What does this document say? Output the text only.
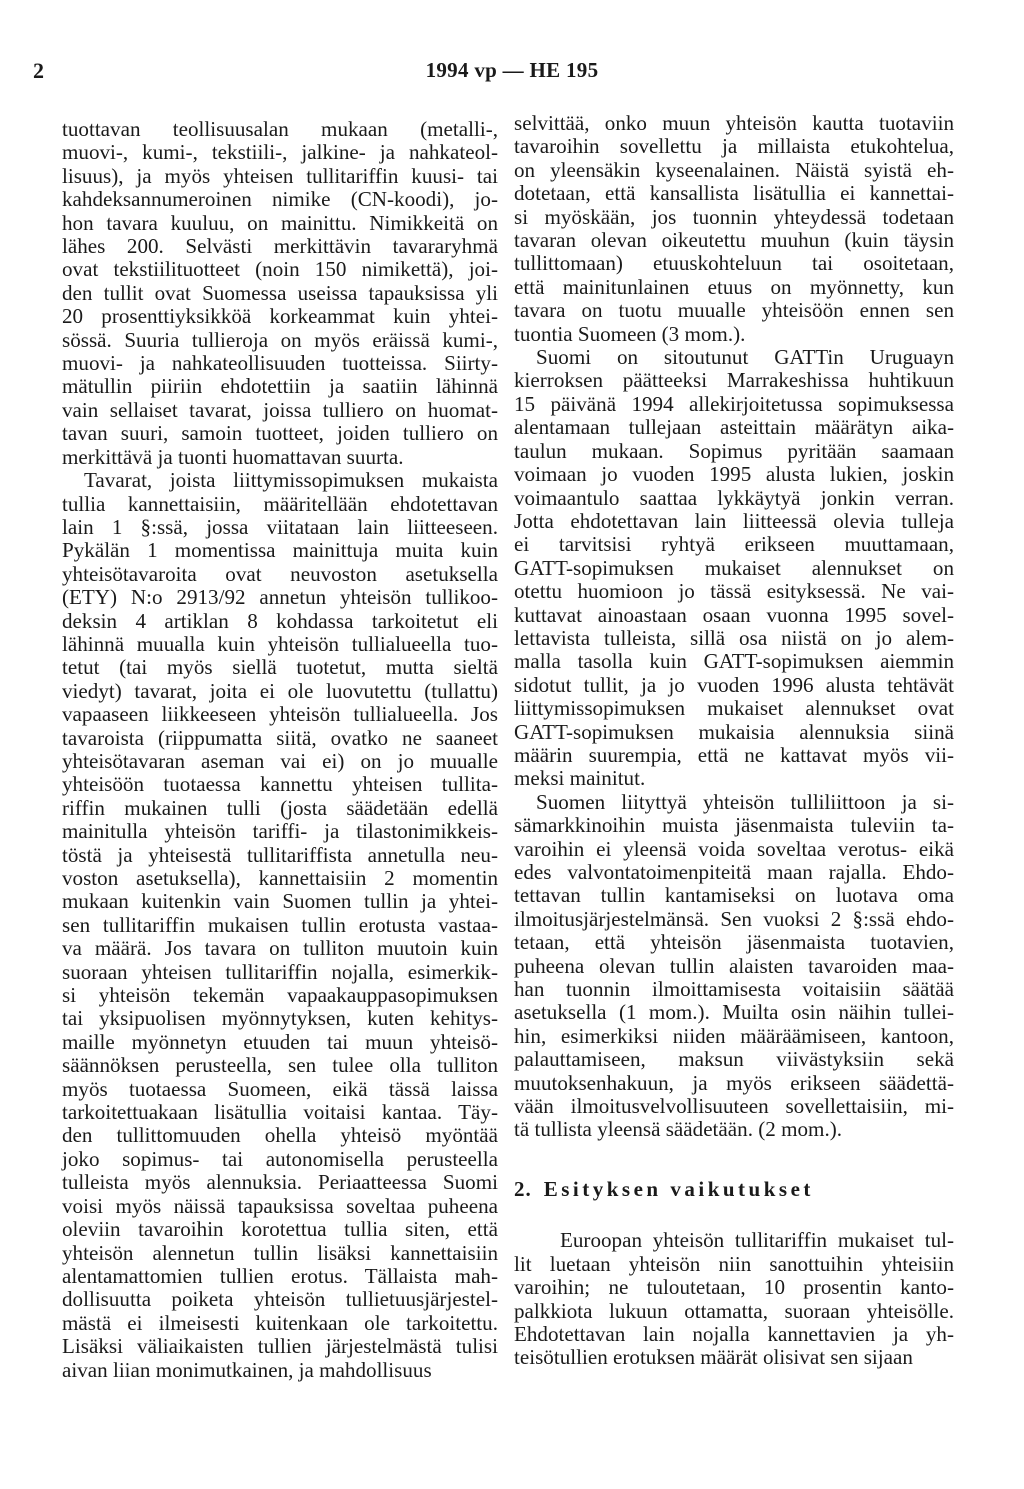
2	1994 vp — HE 195
tuottavan teollisuusalan mukaan (metalli-,
muovi-, kumi-, tekstiili-, jalkine- ja nahkateol-
lisuus), ja myös yhteisen tullitariffin kuusi- tai
kahdeksannumeroinen nimike (CN-koodi), jo-
hon tavara kuuluu, on mainittu. Nimikkeitä on
lähes 200. Selvästi merkittävin tavararyhmä
ovat tekstiilituotteet (noin 150 nimikettä), joi-
den tullit ovat Suomessa useissa tapauksissa yli
20 prosenttiyksikköä korkeammat kuin yhtei-
sössä. Suuria tullieroja on myös eräissä kumi-,
muovi- ja nahkateollisuuden tuotteissa. Siirty-
mätullin piiriin ehdotettiin ja saatiin lähinnä
vain sellaiset tavarat, joissa tulliero on huomat-
tavan suuri, samoin tuotteet, joiden tulliero on
merkittävä ja tuonti huomattavan suurta.
Tavarat, joista liittymissopimuksen mukaista
tullia kannettaisiin, määritellään ehdotettavan
lain 1 §:ssä, jossa viitataan lain liitteeseen.
Pykälän 1 momentissa mainittuja muita kuin
yhteisötavaroita ovat neuvoston asetuksella
(ETY) N:o 2913/92 annetun yhteisön tullikoo-
deksin 4 artiklan 8 kohdassa tarkoitetut eli
lähinnä muualla kuin yhteisön tullialueella tuo-
tetut (tai myös siellä tuotetut, mutta sieltä
viedyt) tavarat, joita ei ole luovutettu (tullattu)
vapaaseen liikkeeseen yhteisön tullialueella. Jos
tavaroista (riippumatta siitä, ovatko ne saaneet
yhteisötavaran aseman vai ei) on jo muualle
yhteisöön tuotaessa kannettu yhteisen tullita-
riffin mukainen tulli (josta säädetään edellä
mainitulla yhteisön tariffi- ja tilastonimikkeis-
töstä ja yhteisestä tullitariffista annetulla neu-
voston asetuksella), kannettaisiin 2 momentin
mukaan kuitenkin vain Suomen tullin ja yhtei-
sen tullitariffin mukaisen tullin erotusta vastaa-
va määrä. Jos tavara on tulliton muutoin kuin
suoraan yhteisen tullitariffin nojalla, esimerkik-
si yhteisön tekemän vapaakauppasopimuksen
tai yksipuolisen myönnytyksen, kuten kehitys-
maille myönnetyn etuuden tai muun yhteisö-
säännöksen perusteella, sen tulee olla tulliton
myös tuotaessa Suomeen, eikä tässä laissa
tarkoitettuakaan lisätullia voitaisi kantaa. Täy-
den tullittomuuden ohella yhteisö myöntää
joko sopimus- tai autonomisella perusteella
tulleista myös alennuksia. Periaatteessa Suomi
voisi myös näissä tapauksissa soveltaa puheena
oleviin tavaroihin korotettua tullia siten, että
yhteisön alennetun tullin lisäksi kannettaisiin
alentamattomien tullien erotus. Tällaista mah-
dollisuutta poiketa yhteisön tullietuusjärjestel-
mästä ei ilmeisesti kuitenkaan ole tarkoitettu.
Lisäksi väliaikaisten tullien järjestelmästä tulisi
aivan liian monimutkainen, ja mahdollisuus
selvittää, onko muun yhteisön kautta tuotaviin
tavaroihin sovellettu ja millaista etukohtelua,
on yleensäkin kyseenalainen. Näistä syistä eh-
dotetaan, että kansallista lisätullia ei kannettai-
si myöskään, jos tuonnin yhteydessä todetaan
tavaran olevan oikeutettu muuhun (kuin täysin
tullittomaan) etuuskohteluun tai osoitetaan,
että mainitunlainen etuus on myönnetty, kun
tavara on tuotu muualle yhteisöön ennen sen
tuontia Suomeen (3 mom.).
Suomi on sitoutunut GATTin Uruguayn
kierroksen päätteeksi Marrakeshissa huhtikuun
15 päivänä 1994 allekirjoitetussa sopimuksessa
alentamaan tullejaan asteittain määrätyn aika-
taulun mukaan. Sopimus pyritään saamaan
voimaan jo vuoden 1995 alusta lukien, joskin
voimaantulo saattaa lykkäytyä jonkin verran.
Jotta ehdotettavan lain liitteessä olevia tulleja
ei tarvitsisi ryhtyä erikseen muuttamaan,
GATT-sopimuksen mukaiset alennukset on
otettu huomioon jo tässä esityksessä. Ne vai-
kuttavat ainoastaan osaan vuonna 1995 sovel-
lettavista tulleista, sillä osa niistä on jo alem-
malla tasolla kuin GATT-sopimuksen aiemmin
sidotut tullit, ja jo vuoden 1996 alusta tehtävät
liittymissopimuksen mukaiset alennukset ovat
GATT-sopimuksen mukaisia alennuksia siinä
määrin suurempia, että ne kattavat myös vii-
meksi mainitut.
Suomen liityttyä yhteisön tulliliittoon ja si-
sämarkkinoihin muista jäsenmaista tuleviin ta-
varoihin ei yleensä voida soveltaa verotus- eikä
edes valvontatoimenpiteitä maan rajalla. Ehdo-
tettavan tullin kantamiseksi on luotava oma
ilmoitusjärjestelmänsä. Sen vuoksi 2 §:ssä ehdo-
tetaan, että yhteisön jäsenmaista tuotavien,
puheena olevan tullin alaisten tavaroiden maa-
han tuonnin ilmoittamisesta voitaisiin säätää
asetuksella (1 mom.). Muilta osin näihin tullei-
hin, esimerkiksi niiden määräämiseen, kantoon,
palauttamiseen, maksun viivästyksiin sekä
muutoksenhakuun, ja myös erikseen säädettä-
vään ilmoitusvelvollisuuteen sovellettaisiin, mi-
tä tullista yleensä säädetään. (2 mom.).
2. Esityksen vaikutukset
Euroopan yhteisön tullitariffin mukaiset tul-
lit luetaan yhteisön niin sanottuihin yhteisiin
varoihin; ne tuloutetaan, 10 prosentin kanto-
palkkiota lukuun ottamatta, suoraan yhteisölle.
Ehdotettavan lain nojalla kannettavien ja yh-
teisötullien erotuksen määrät olisivat sen sijaan
